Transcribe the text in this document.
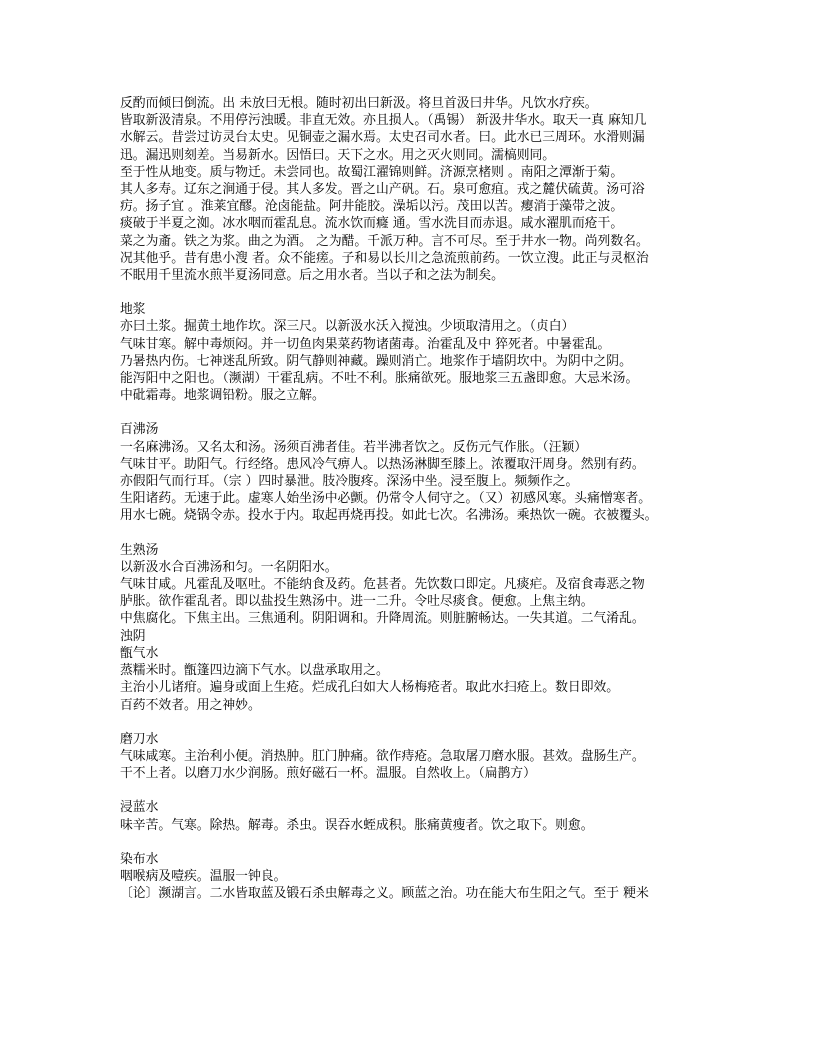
反酌而倾曰倒流。出 未放曰无根。随时初出曰新汲。将旦首汲曰井华。凡饮水疗疾。
皆取新汲清泉。不用停污浊暖。非直无效。亦且损人。（禹锡） 新汲井华水。取天一真 麻知几
水解云。昔尝过访灵台太史。见铜壶之漏水焉。太史召司水者。曰。此水已三周环。水滑则漏
迅。漏迅则刻差。当易新水。因悟曰。天下之水。用之灭火则同。濡槁则同。
至于性从地变。质与物迁。未尝同也。故蜀江濯锦则鲜。济源烹楮则 。南阳之潭渐于菊。
其人多寿。辽东之涧通于侵。其人多发。晋之山产矾。石。泉可愈疽。戎之麓伏硫黄。汤可浴
疠。扬子宜 。淮莱宜醪。沧卤能盐。阿井能胶。澡垢以污。茂田以苦。瘿消于藻带之波。
痰破于半夏之洳。冰水咽而霍乱息。流水饮而癃 通。雪水洗目而赤退。咸水濯肌而疮干。
菜之为齑。铁之为浆。曲之为酒。 之为醋。千派万种。言不可尽。至于井水一物。尚列数名。
况其他乎。昔有患小溲 者。众不能瘥。子和易以长川之急流煎前药。一饮立溲。此正与灵枢治
不眠用千里流水煎半夏汤同意。后之用水者。当以子和之法为制矣。
地浆
亦曰土浆。掘黄土地作坎。深三尺。以新汲水沃入搅浊。少顷取清用之。（贞白）
气味甘寒。解中毒烦闷。并一切鱼肉果菜药物诸菌毒。治霍乱及中 猝死者。中暑霍乱。
乃暑热内伤。七神迷乱所致。阴气静则神藏。躁则消亡。地浆作于墙阴坎中。为阴中之阴。
能泻阳中之阳也。（濒湖）干霍乱病。不吐不利。胀痛欲死。服地浆三五盏即愈。大忌米汤。
中砒霜毒。地浆调铅粉。服之立解。
百沸汤
一名麻沸汤。又名太和汤。汤须百沸者佳。若半沸者饮之。反伤元气作胀。（汪颖）
气味甘平。助阳气。行经络。患风冷气痹人。以热汤淋脚至膝上。浓覆取汗周身。然别有药。
亦假阳气而行耳。（宗 ）四时暴泄。肢冷腹疼。深汤中坐。浸至腹上。频频作之。
生阳诸药。无速于此。虚寒人始坐汤中必颤。仍常令人伺守之。（又）初感风寒。头痛憎寒者。
用水七碗。烧锅令赤。投水于内。取起再烧再投。如此七次。名沸汤。乘热饮一碗。衣被覆头。
生熟汤
以新汲水合百沸汤和匀。一名阴阳水。
气味甘咸。凡霍乱及呕吐。不能纳食及药。危甚者。先饮数口即定。凡痰疟。及宿食毒恶之物
胪胀。欲作霍乱者。即以盐投生熟汤中。进一二升。令吐尽痰食。便愈。上焦主纳。
中焦腐化。下焦主出。三焦通利。阴阳调和。升降周流。则脏腑畅达。一失其道。二气淆乱。
浊阴
甑气水
蒸糯米时。甑篷四边滴下气水。以盘承取用之。
主治小儿诸疳。遍身或面上生疮。烂成孔臼如大人杨梅疮者。取此水扫疮上。数日即效。
百药不效者。用之神妙。
磨刀水
气味咸寒。主治利小便。消热肿。肛门肿痛。欲作痔疮。急取屠刀磨水服。甚效。盘肠生产。
干不上者。以磨刀水少润肠。煎好磁石一杯。温服。自然收上。（扁鹊方）
浸蓝水
味辛苦。气寒。除热。解毒。杀虫。误吞水蛭成积。胀痛黄瘦者。饮之取下。则愈。
染布水
咽喉病及噎疾。温服一钟良。
〔论〕濒湖言。二水皆取蓝及锻石杀虫解毒之义。顾蓝之治。功在能大布生阳之气。至于 粳米
